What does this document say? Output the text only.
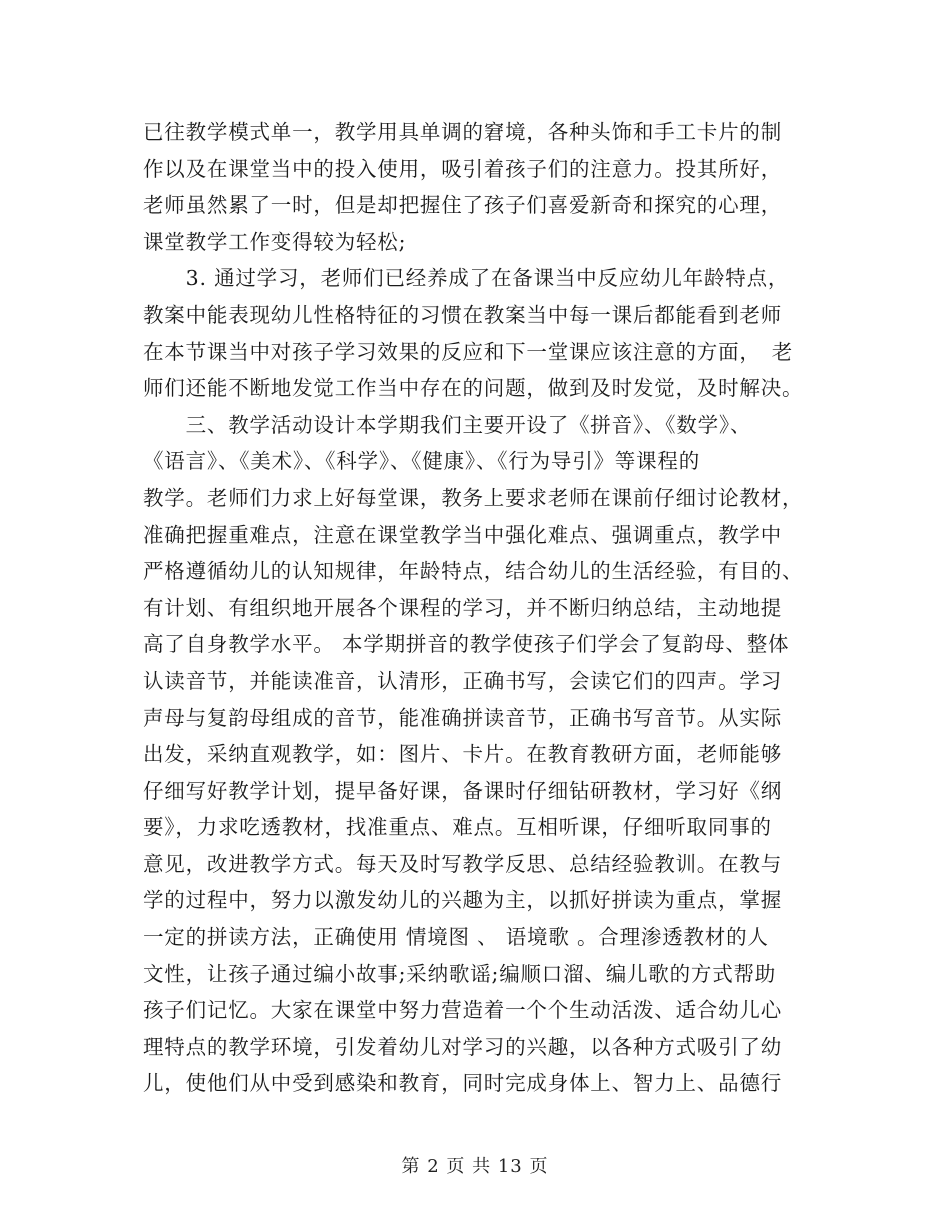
已往教学模式单一，教学用具单调的窘境，各种头饰和手工卡片的制
作以及在课堂当中的投入使用，吸引着孩子们的注意力。投其所好，
老师虽然累了一时，但是却把握住了孩子们喜爱新奇和探究的心理，
课堂教学工作变得较为轻松;
　　3. 通过学习，老师们已经养成了在备课当中反应幼儿年龄特点，
教案中能表现幼儿性格特征的习惯在教案当中每一课后都能看到老师
在本节课当中对孩子学习效果的反应和下一堂课应该注意的方面，　老
师们还能不断地发觉工作当中存在的问题，做到及时发觉，及时解决。
　　三、教学活动设计本学期我们主要开设了《拼音》、《数学》、
《语言》、《美术》、《科学》、《健康》、《行为导引》等课程的
教学。老师们力求上好每堂课，教务上要求老师在课前仔细讨论教材，
准确把握重难点，注意在课堂教学当中强化难点、强调重点，教学中
严格遵循幼儿的认知规律，年龄特点，结合幼儿的生活经验，有目的、
有计划、有组织地开展各个课程的学习，并不断归纳总结，主动地提
高了自身教学水平。 本学期拼音的教学使孩子们学会了复韵母、整体
认读音节，并能读准音，认清形，正确书写，会读它们的四声。学习
声母与复韵母组成的音节，能准确拼读音节，正确书写音节。从实际
出发，采纳直观教学，如：图片、卡片。在教育教研方面，老师能够
仔细写好教学计划，提早备好课，备课时仔细钻研教材，学习好《纲
要》，力求吃透教材，找准重点、难点。互相听课，仔细听取同事的
意见，改进教学方式。每天及时写教学反思、总结经验教训。在教与
学的过程中，努力以激发幼儿的兴趣为主，以抓好拼读为重点，掌握
一定的拼读方法，正确使用 情境图 、 语境歌 。合理渗透教材的人
文性，让孩子通过编小故事;采纳歌谣;编顺口溜、编儿歌的方式帮助
孩子们记忆。大家在课堂中努力营造着一个个生动活泼、适合幼儿心
理特点的教学环境，引发着幼儿对学习的兴趣，以各种方式吸引了幼
儿，使他们从中受到感染和教育，同时完成身体上、智力上、品德行
第 2 页 共 13 页
